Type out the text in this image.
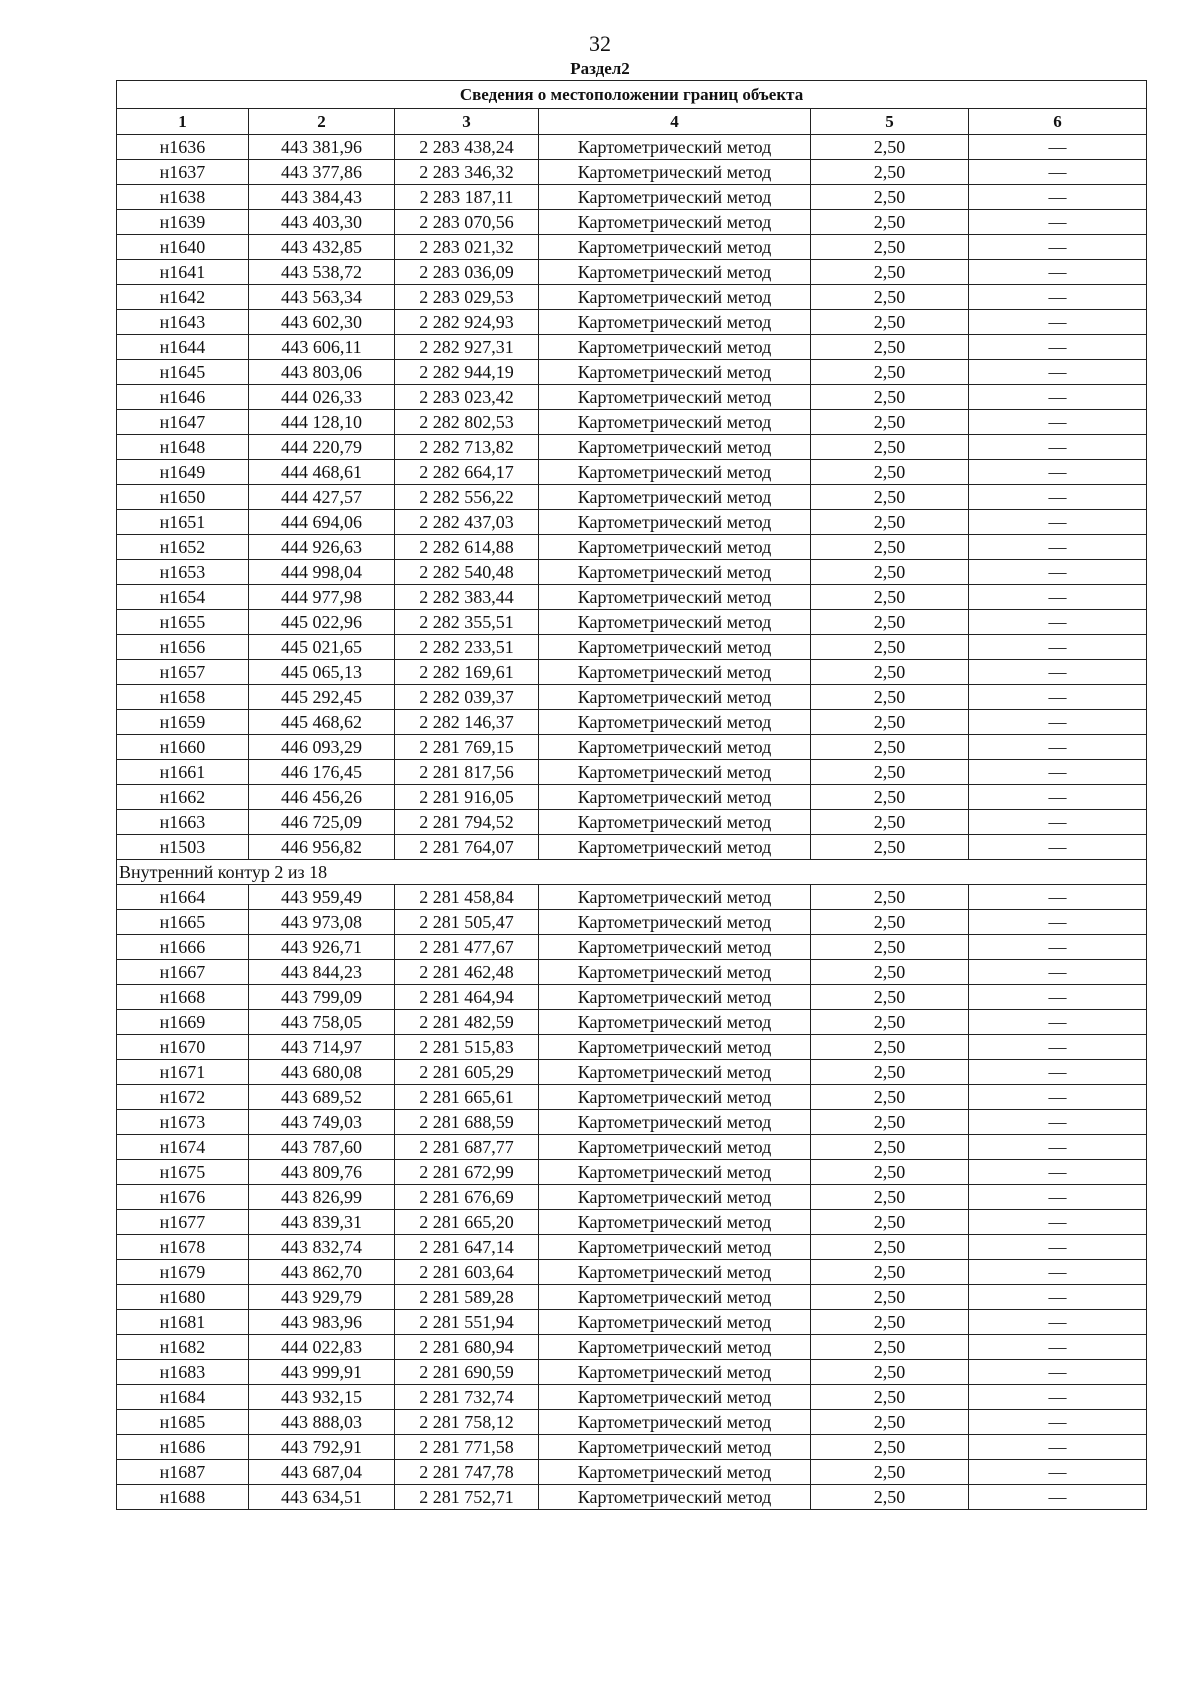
32
Раздел2
Сведения о местоположении границ объекта					
1	2	3	4	5	6
н1636	443 381,96	2 283 438,24	Картометрический метод	2,50	—
н1637	443 377,86	2 283 346,32	Картометрический метод	2,50	—
н1638	443 384,43	2 283 187,11	Картометрический метод	2,50	—
н1639	443 403,30	2 283 070,56	Картометрический метод	2,50	—
н1640	443 432,85	2 283 021,32	Картометрический метод	2,50	—
н1641	443 538,72	2 283 036,09	Картометрический метод	2,50	—
н1642	443 563,34	2 283 029,53	Картометрический метод	2,50	—
н1643	443 602,30	2 282 924,93	Картометрический метод	2,50	—
н1644	443 606,11	2 282 927,31	Картометрический метод	2,50	—
н1645	443 803,06	2 282 944,19	Картометрический метод	2,50	—
н1646	444 026,33	2 283 023,42	Картометрический метод	2,50	—
н1647	444 128,10	2 282 802,53	Картометрический метод	2,50	—
н1648	444 220,79	2 282 713,82	Картометрический метод	2,50	—
н1649	444 468,61	2 282 664,17	Картометрический метод	2,50	—
н1650	444 427,57	2 282 556,22	Картометрический метод	2,50	—
н1651	444 694,06	2 282 437,03	Картометрический метод	2,50	—
н1652	444 926,63	2 282 614,88	Картометрический метод	2,50	—
н1653	444 998,04	2 282 540,48	Картометрический метод	2,50	—
н1654	444 977,98	2 282 383,44	Картометрический метод	2,50	—
н1655	445 022,96	2 282 355,51	Картометрический метод	2,50	—
н1656	445 021,65	2 282 233,51	Картометрический метод	2,50	—
н1657	445 065,13	2 282 169,61	Картометрический метод	2,50	—
н1658	445 292,45	2 282 039,37	Картометрический метод	2,50	—
н1659	445 468,62	2 282 146,37	Картометрический метод	2,50	—
н1660	446 093,29	2 281 769,15	Картометрический метод	2,50	—
н1661	446 176,45	2 281 817,56	Картометрический метод	2,50	—
н1662	446 456,26	2 281 916,05	Картометрический метод	2,50	—
н1663	446 725,09	2 281 794,52	Картометрический метод	2,50	—
н1503	446 956,82	2 281 764,07	Картометрический метод	2,50	—
Внутренний контур 2 из 18					
н1664	443 959,49	2 281 458,84	Картометрический метод	2,50	—
н1665	443 973,08	2 281 505,47	Картометрический метод	2,50	—
н1666	443 926,71	2 281 477,67	Картометрический метод	2,50	—
н1667	443 844,23	2 281 462,48	Картометрический метод	2,50	—
н1668	443 799,09	2 281 464,94	Картометрический метод	2,50	—
н1669	443 758,05	2 281 482,59	Картометрический метод	2,50	—
н1670	443 714,97	2 281 515,83	Картометрический метод	2,50	—
н1671	443 680,08	2 281 605,29	Картометрический метод	2,50	—
н1672	443 689,52	2 281 665,61	Картометрический метод	2,50	—
н1673	443 749,03	2 281 688,59	Картометрический метод	2,50	—
н1674	443 787,60	2 281 687,77	Картометрический метод	2,50	—
н1675	443 809,76	2 281 672,99	Картометрический метод	2,50	—
н1676	443 826,99	2 281 676,69	Картометрический метод	2,50	—
н1677	443 839,31	2 281 665,20	Картометрический метод	2,50	—
н1678	443 832,74	2 281 647,14	Картометрический метод	2,50	—
н1679	443 862,70	2 281 603,64	Картометрический метод	2,50	—
н1680	443 929,79	2 281 589,28	Картометрический метод	2,50	—
н1681	443 983,96	2 281 551,94	Картометрический метод	2,50	—
н1682	444 022,83	2 281 680,94	Картометрический метод	2,50	—
н1683	443 999,91	2 281 690,59	Картометрический метод	2,50	—
н1684	443 932,15	2 281 732,74	Картометрический метод	2,50	—
н1685	443 888,03	2 281 758,12	Картометрический метод	2,50	—
н1686	443 792,91	2 281 771,58	Картометрический метод	2,50	—
н1687	443 687,04	2 281 747,78	Картометрический метод	2,50	—
н1688	443 634,51	2 281 752,71	Картометрический метод	2,50	—
